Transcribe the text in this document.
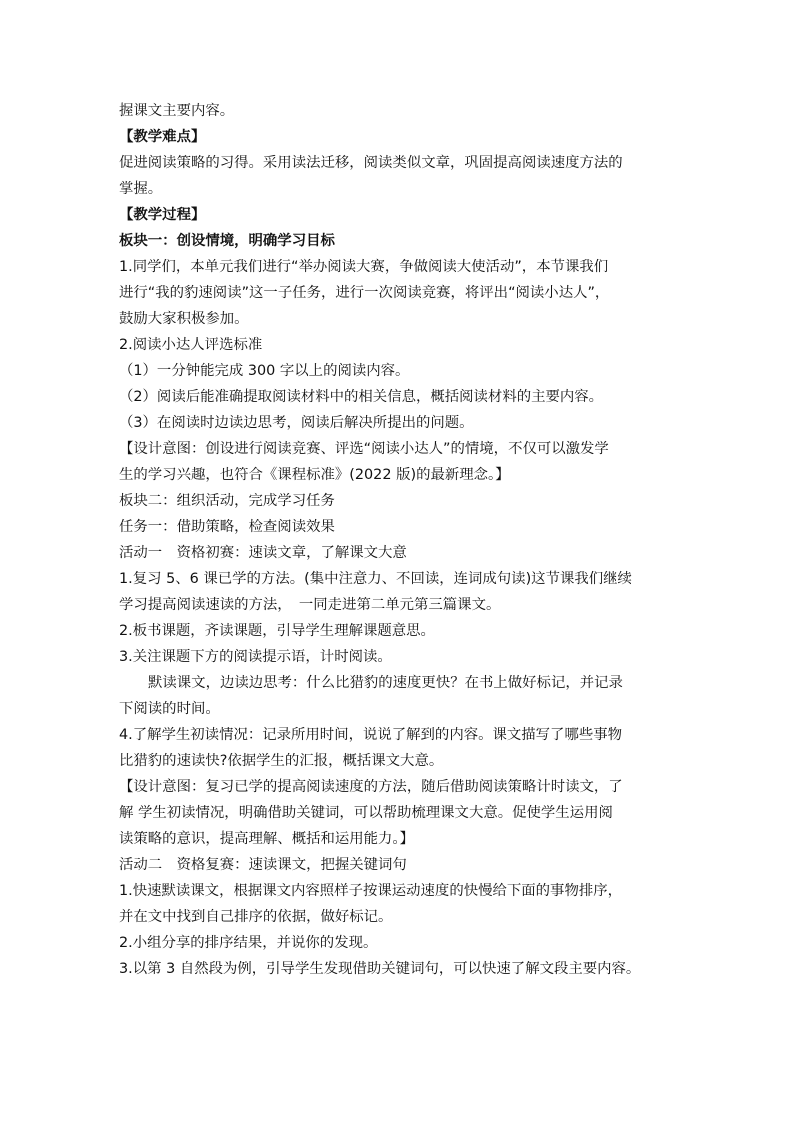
握课文主要内容。
【教学难点】
促进阅读策略的习得。采用读法迁移，阅读类似文章，巩固提高阅读速度方法的
掌握。
【教学过程】
板块一：创设情境，明确学习目标
1.同学们，本单元我们进行“举办阅读大赛，争做阅读大使活动”，本节课我们
进行“我的豹速阅读”这一子任务，进行一次阅读竞赛，将评出“阅读小达人”，
鼓励大家积极参加。
2.阅读小达人评选标准
（1）一分钟能完成 300 字以上的阅读内容。
（2）阅读后能准确提取阅读材料中的相关信息，概括阅读材料的主要内容。
（3）在阅读时边读边思考，阅读后解决所提出的问题。
【设计意图：创设进行阅读竞赛、评选“阅读小达人”的情境，不仅可以激发学
生的学习兴趣，也符合《课程标准》(2022 版)的最新理念。】
板块二：组织活动，完成学习任务
任务一：借助策略，检查阅读效果
活动一　资格初赛：速读文章，了解课文大意
1.复习 5、6 课已学的方法。(集中注意力、不回读，连词成句读)这节课我们继续
学习提高阅读速读的方法，　一同走进第二单元第三篇课文。
2.板书课题，齐读课题，引导学生理解课题意思。
3.关注课题下方的阅读提示语，计时阅读。
默读课文，边读边思考：什么比猎豹的速度更快？在书上做好标记，并记录
下阅读的时间。
4.了解学生初读情况：记录所用时间，说说了解到的内容。课文描写了哪些事物
比猎豹的速读快?依据学生的汇报，概括课文大意。
【设计意图：复习已学的提高阅读速度的方法，随后借助阅读策略计时读文，了
解 学生初读情况，明确借助关键词，可以帮助梳理课文大意。促使学生运用阅
读策略的意识，提高理解、概括和运用能力。】
活动二　资格复赛：速读课文，把握关键词句
1.快速默读课文，根据课文内容照样子按课运动速度的快慢给下面的事物排序，
并在文中找到自己排序的依据，做好标记。
2.小组分享的排序结果，并说你的发现。
3.以第 3 自然段为例，引导学生发现借助关键词句，可以快速了解文段主要内容。
